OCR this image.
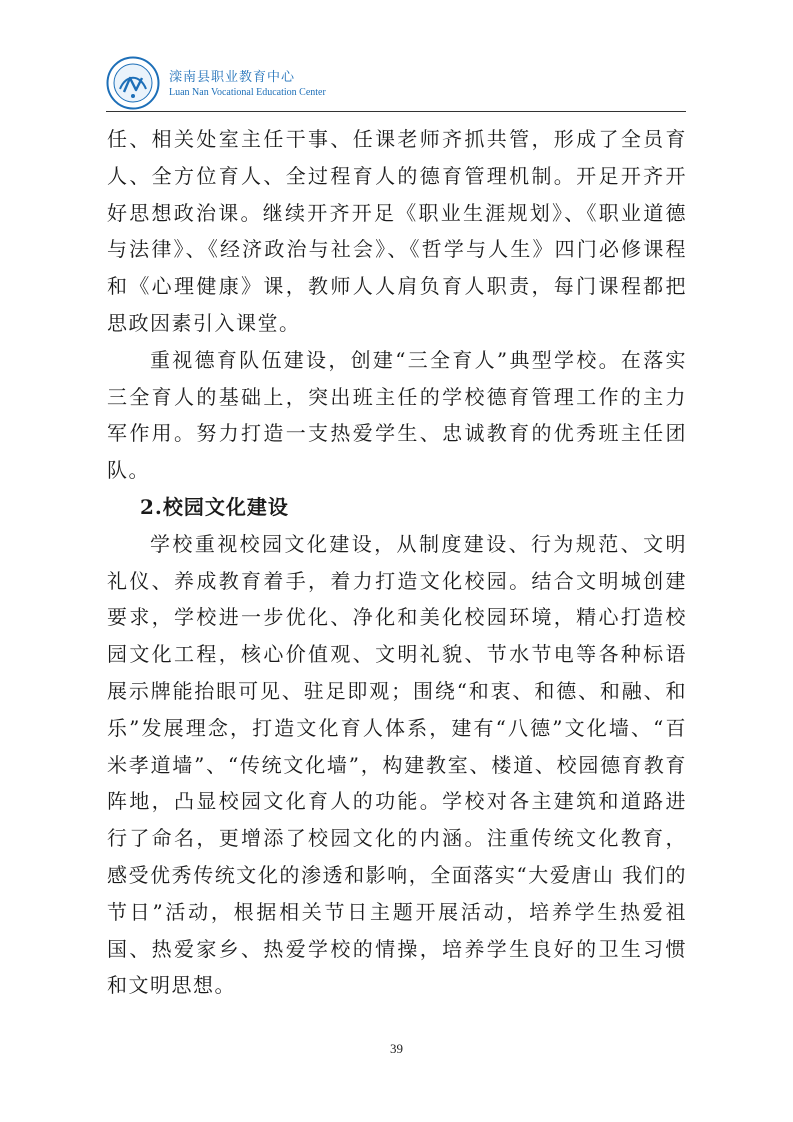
滦南县职业教育中心
Luan Nan Vocational Education Center

任、相关处室主任干事、任课老师齐抓共管，形成了全员育人、全方位育人、全过程育人的德育管理机制。开足开齐开好思想政治课。继续开齐开足《职业生涯规划》、《职业道德与法律》、《经济政治与社会》、《哲学与人生》四门必修课程和《心理健康》课，教师人人肩负育人职责，每门课程都把思政因素引入课堂。

重视德育队伍建设，创建“三全育人”典型学校。在落实三全育人的基础上，突出班主任的学校德育管理工作的主力军作用。努力打造一支热爱学生、忠诚教育的优秀班主任团队。

2.校园文化建设

学校重视校园文化建设，从制度建设、行为规范、文明礼仪、养成教育着手，着力打造文化校园。结合文明城创建要求，学校进一步优化、净化和美化校园环境，精心打造校园文化工程，核心价值观、文明礼貌、节水节电等各种标语展示牌能抬眼可见、驻足即观；围绕“和衷、和德、和融、和乐”发展理念，打造文化育人体系，建有“八德”文化墙、“百米孝道墙”、“传统文化墙”，构建教室、楼道、校园德育教育阵地，凸显校园文化育人的功能。学校对各主建筑和道路进行了命名，更增添了校园文化的内涵。注重传统文化教育，感受优秀传统文化的渗透和影响，全面落实“大爱唐山 我们的节日”活动，根据相关节日主题开展活动，培养学生热爱祖国、热爱家乡、热爱学校的情操，培养学生良好的卫生习惯和文明思想。

39
